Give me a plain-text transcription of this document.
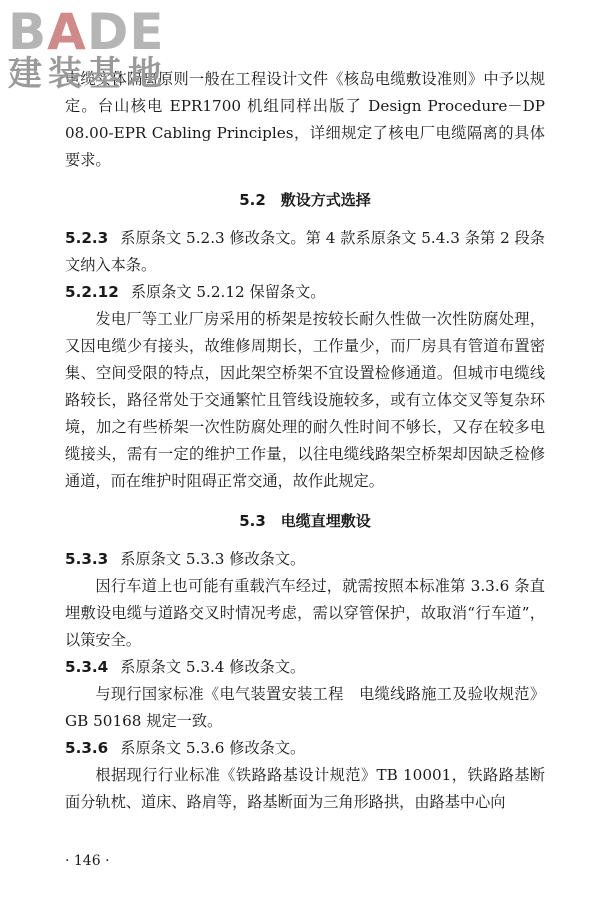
BADE
建装基地

电缆实体隔离原则一般在工程设计文件《核岛电缆敷设准则》中予以规定。台山核电 EPR1700 机组同样出版了 Design Procedure－DP 08.00-EPR Cabling Principles，详细规定了核电厂电缆隔离的具体要求。

5.2　敷设方式选择

5.2.3 系原条文 5.2.3 修改条文。第 4 款系原条文 5.4.3 条第 2 段条文纳入本条。

5.2.12 系原条文 5.2.12 保留条文。

发电厂等工业厂房采用的桥架是按较长耐久性做一次性防腐处理，又因电缆少有接头，故维修周期长，工作量少，而厂房具有管道布置密集、空间受限的特点，因此架空桥架不宜设置检修通道。但城市电缆线路较长，路径常处于交通繁忙且管线设施较多，或有立体交叉等复杂环境，加之有些桥架一次性防腐处理的耐久性时间不够长，又存在较多电缆接头，需有一定的维护工作量，以往电缆线路架空桥架却因缺乏检修通道，而在维护时阻碍正常交通，故作此规定。

5.3　电缆直埋敷设

5.3.3 系原条文 5.3.3 修改条文。

因行车道上也可能有重载汽车经过，就需按照本标准第 3.3.6 条直埋敷设电缆与道路交叉时情况考虑，需以穿管保护，故取消“行车道”，以策安全。

5.3.4 系原条文 5.3.4 修改条文。

与现行国家标准《电气装置安装工程　电缆线路施工及验收规范》GB 50168 规定一致。

5.3.6 系原条文 5.3.6 修改条文。

根据现行行业标准《铁路路基设计规范》TB 10001，铁路路基断面分轨枕、道床、路肩等，路基断面为三角形路拱，由路基中心向

· 146 ·
